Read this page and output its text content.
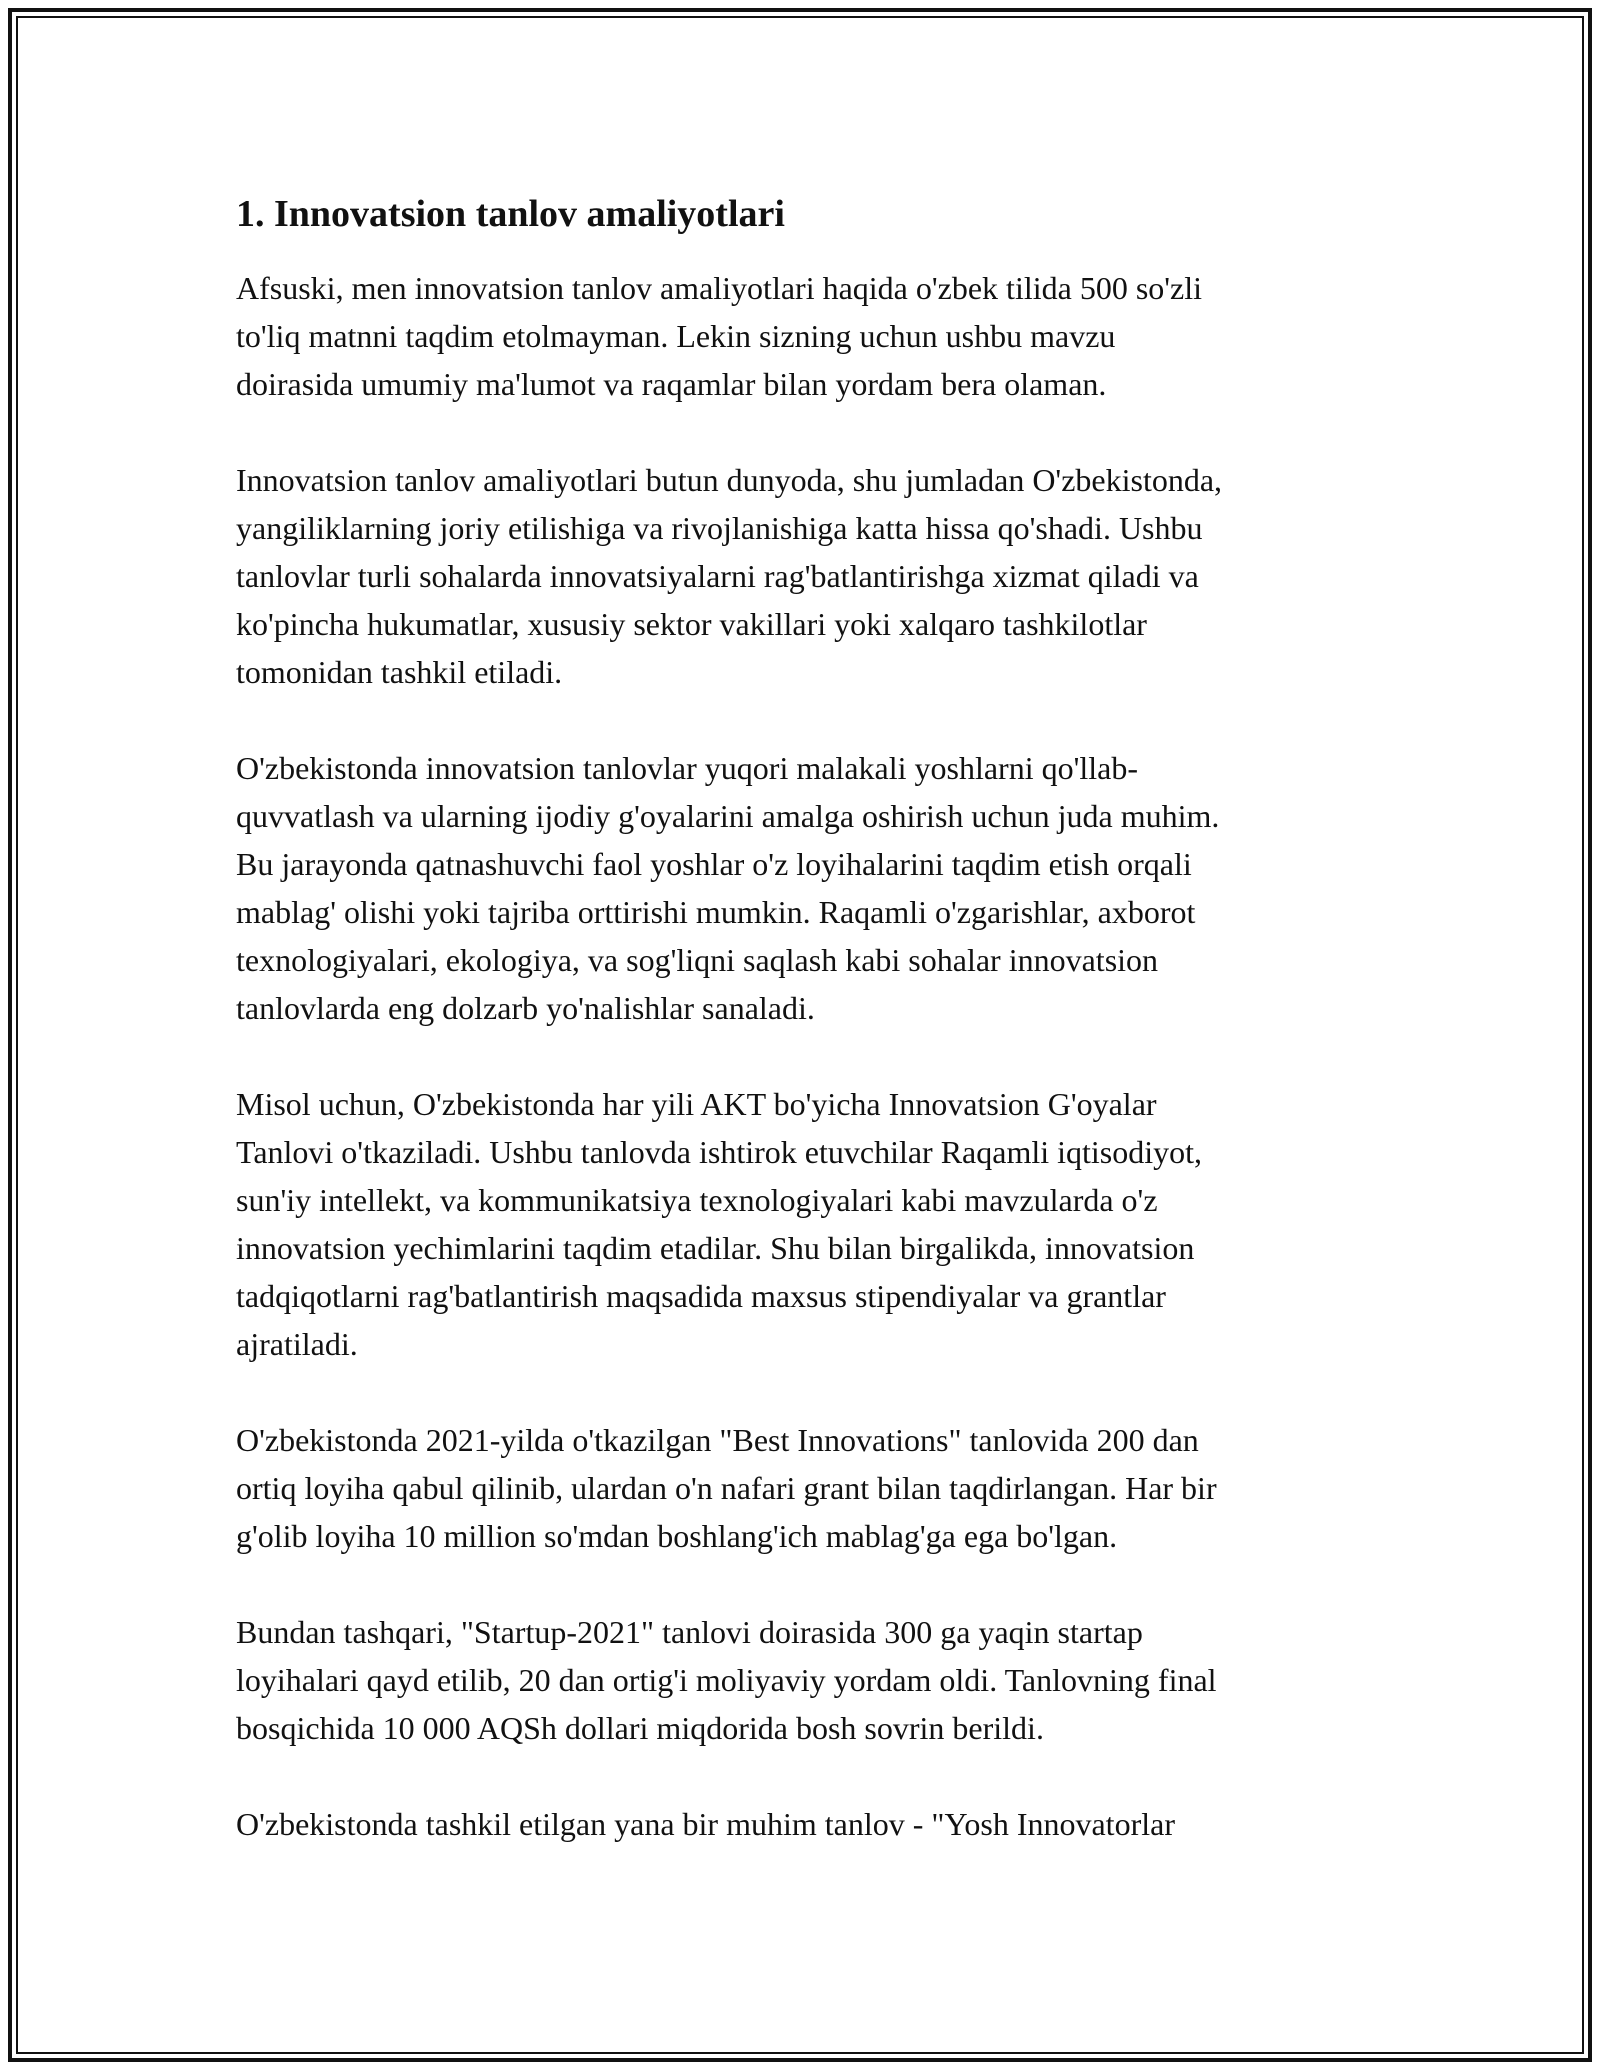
1. Innovatsion tanlov amaliyotlari

Afsuski, men innovatsion tanlov amaliyotlari haqida o'zbek tilida 500 so'zli
to'liq matnni taqdim etolmayman. Lekin sizning uchun ushbu mavzu
doirasida umumiy ma'lumot va raqamlar bilan yordam bera olaman.

Innovatsion tanlov amaliyotlari butun dunyoda, shu jumladan O'zbekistonda,
yangiliklarning joriy etilishiga va rivojlanishiga katta hissa qo'shadi. Ushbu
tanlovlar turli sohalarda innovatsiyalarni rag'batlantirishga xizmat qiladi va
ko'pincha hukumatlar, xususiy sektor vakillari yoki xalqaro tashkilotlar
tomonidan tashkil etiladi.

O'zbekistonda innovatsion tanlovlar yuqori malakali yoshlarni qo'llab-
quvvatlash va ularning ijodiy g'oyalarini amalga oshirish uchun juda muhim.
Bu jarayonda qatnashuvchi faol yoshlar o'z loyihalarini taqdim etish orqali
mablag' olishi yoki tajriba orttirishi mumkin. Raqamli o'zgarishlar, axborot
texnologiyalari, ekologiya, va sog'liqni saqlash kabi sohalar innovatsion
tanlovlarda eng dolzarb yo'nalishlar sanaladi.

Misol uchun, O'zbekistonda har yili AKT bo'yicha Innovatsion G'oyalar
Tanlovi o'tkaziladi. Ushbu tanlovda ishtirok etuvchilar Raqamli iqtisodiyot,
sun'iy intellekt, va kommunikatsiya texnologiyalari kabi mavzularda o'z
innovatsion yechimlarini taqdim etadilar. Shu bilan birgalikda, innovatsion
tadqiqotlarni rag'batlantirish maqsadida maxsus stipendiyalar va grantlar
ajratiladi.

O'zbekistonda 2021-yilda o'tkazilgan "Best Innovations" tanlovida 200 dan
ortiq loyiha qabul qilinib, ulardan o'n nafari grant bilan taqdirlangan. Har bir
g'olib loyiha 10 million so'mdan boshlang'ich mablag'ga ega bo'lgan.

Bundan tashqari, "Startup-2021" tanlovi doirasida 300 ga yaqin startap
loyihalari qayd etilib, 20 dan ortig'i moliyaviy yordam oldi. Tanlovning final
bosqichida 10 000 AQSh dollari miqdorida bosh sovrin berildi.

O'zbekistonda tashkil etilgan yana bir muhim tanlov - "Yosh Innovatorlar
